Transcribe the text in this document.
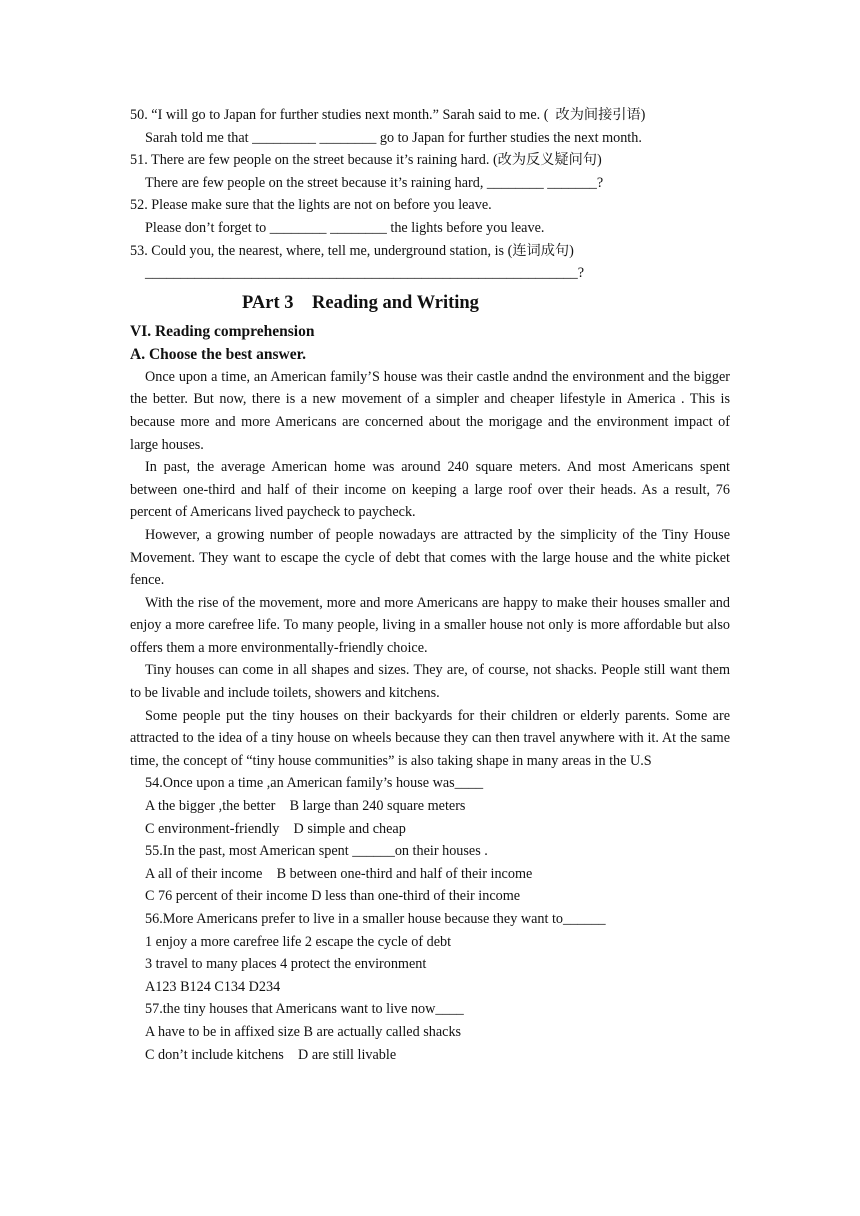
50. “I will go to Japan for further studies next month.” Sarah said to me. (  改为间接引语)
Sarah told me that _________ ________ go to Japan for further studies the next month.
51. There are few people on the street because it’s raining hard. (改为反义疑问句)
There are few people on the street because it’s raining hard, ________ _______?
52. Please make sure that the lights are not on before you leave.
Please don’t forget to ________ ________ the lights before you leave.
53. Could you, the nearest, where, tell me, underground station, is (连词成句)
_____________________________________________________________?
PArt 3    Reading and Writing
VI. Reading comprehension
A. Choose the best answer.

Once upon a time, an American family’S house was their castle andnd the environment and the bigger the better. But now, there is a new movement of a simpler and cheaper lifestyle in America . This is because more and more Americans are concerned about the morigage and the environment impact of large houses.

In past, the average American home was around 240 square meters. And most Americans spent between one-third and half of their income on keeping a large roof over their heads. As a result, 76 percent of Americans lived paycheck to paycheck.

However, a growing number of people nowadays are attracted by the simplicity of the Tiny House Movement. They want to escape the cycle of debt that comes with the large house and the white picket fence.

With the rise of the movement, more and more Americans are happy to make their houses smaller and enjoy a more carefree life. To many people, living in a smaller house not only is more affordable but also offers them a more environmentally-friendly choice.

Tiny houses can come in all shapes and sizes. They are, of course, not shacks. People still want them to be livable and include toilets, showers and kitchens.

Some people put the tiny houses on their backyards for their children or elderly parents. Some are attracted to the idea of a tiny house on wheels because they can then travel anywhere with it. At the same time, the concept of “tiny house communities” is also taking shape in many areas in the U.S

54.Once upon a time ,an American family’s house was____
A the bigger ,the better    B large than 240 square meters
C environment-friendly    D simple and cheap
55.In the past, most American spent ______on their houses .
A all of their income    B between one-third and half of their income
C 76 percent of their income D less than one-third of their income
56.More Americans prefer to live in a smaller house because they want to______
1 enjoy a more carefree life 2 escape the cycle of debt
3 travel to many places 4 protect the environment
A123 B124 C134 D234
57.the tiny houses that Americans want to live now____
A have to be in affixed size B are actually called shacks
C don’t include kitchens    D are still livable
